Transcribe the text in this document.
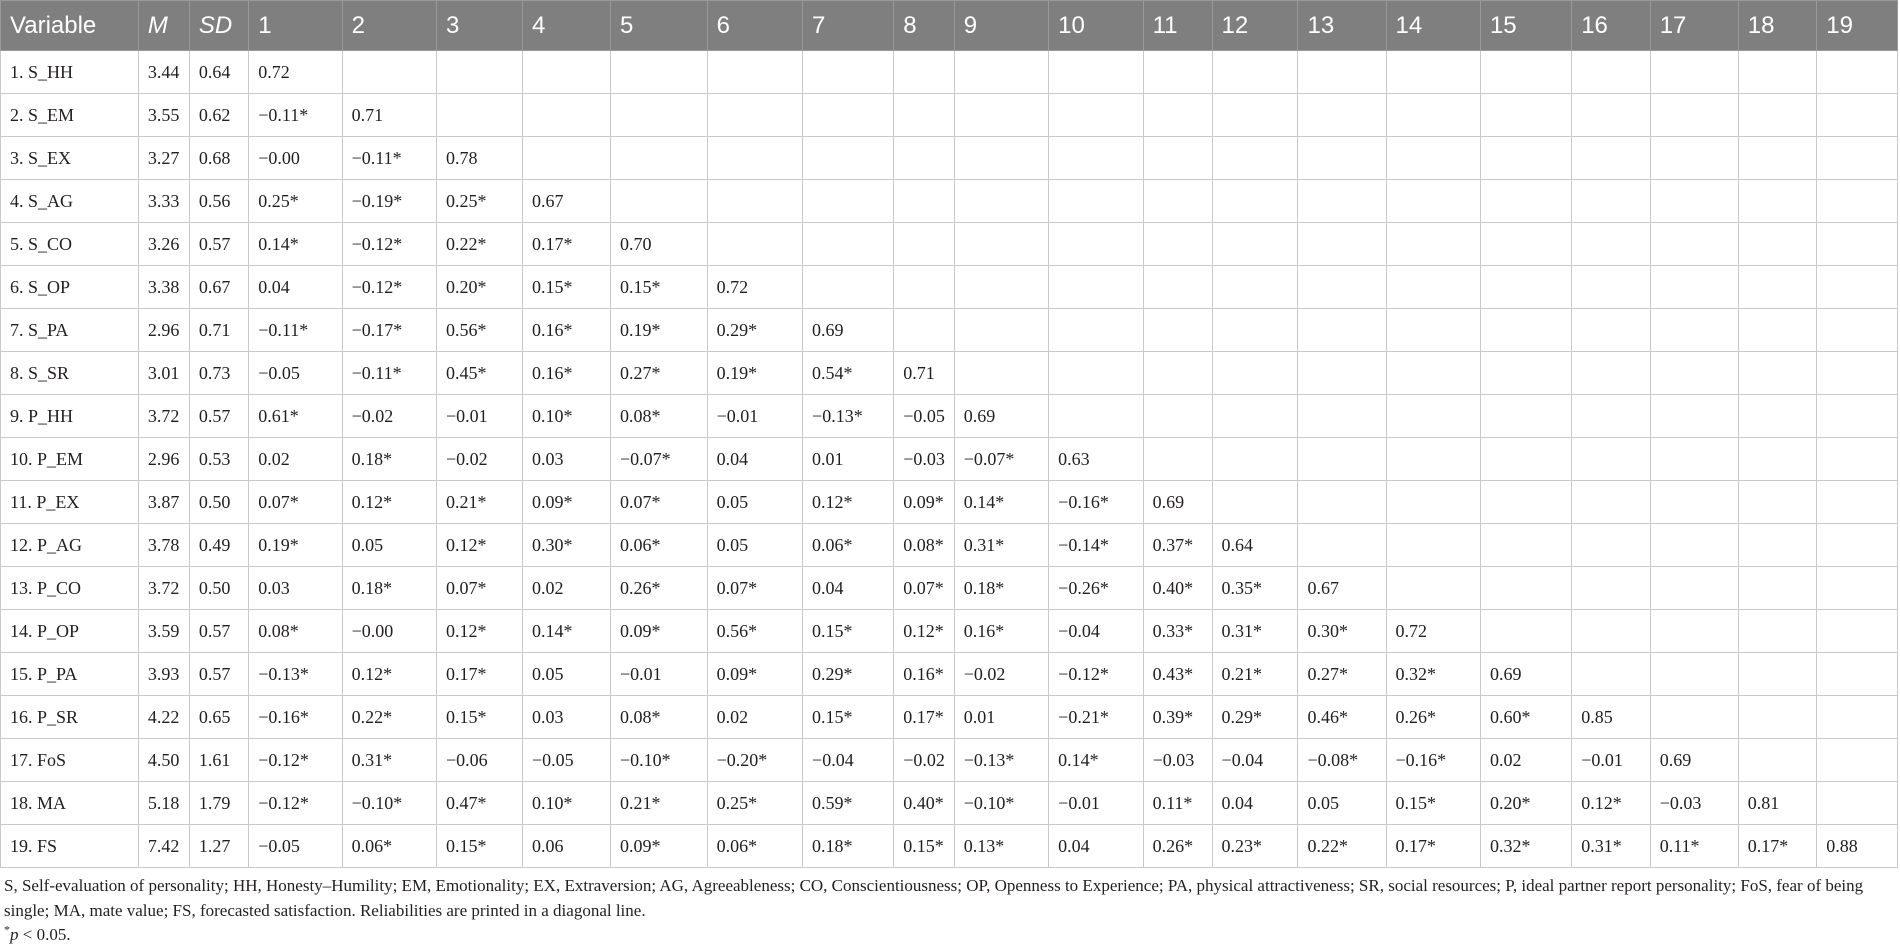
Variable	M	SD	1	2	3	4	5	6	7	8	9	10	11	12	13	14	15	16	17	18	19
1. S_HH	3.44	0.64	0.72																		
2. S_EM	3.55	0.62	−0.11*	0.71																	
3. S_EX	3.27	0.68	−0.00	−0.11*	0.78																
4. S_AG	3.33	0.56	0.25*	−0.19*	0.25*	0.67															
5. S_CO	3.26	0.57	0.14*	−0.12*	0.22*	0.17*	0.70														
6. S_OP	3.38	0.67	0.04	−0.12*	0.20*	0.15*	0.15*	0.72													
7. S_PA	2.96	0.71	−0.11*	−0.17*	0.56*	0.16*	0.19*	0.29*	0.69												
8. S_SR	3.01	0.73	−0.05	−0.11*	0.45*	0.16*	0.27*	0.19*	0.54*	0.71											
9. P_HH	3.72	0.57	0.61*	−0.02	−0.01	0.10*	0.08*	−0.01	−0.13*	−0.05	0.69										
10. P_EM	2.96	0.53	0.02	0.18*	−0.02	0.03	−0.07*	0.04	0.01	−0.03	−0.07*	0.63									
11. P_EX	3.87	0.50	0.07*	0.12*	0.21*	0.09*	0.07*	0.05	0.12*	0.09*	0.14*	−0.16*	0.69								
12. P_AG	3.78	0.49	0.19*	0.05	0.12*	0.30*	0.06*	0.05	0.06*	0.08*	0.31*	−0.14*	0.37*	0.64							
13. P_CO	3.72	0.50	0.03	0.18*	0.07*	0.02	0.26*	0.07*	0.04	0.07*	0.18*	−0.26*	0.40*	0.35*	0.67						
14. P_OP	3.59	0.57	0.08*	−0.00	0.12*	0.14*	0.09*	0.56*	0.15*	0.12*	0.16*	−0.04	0.33*	0.31*	0.30*	0.72					
15. P_PA	3.93	0.57	−0.13*	0.12*	0.17*	0.05	−0.01	0.09*	0.29*	0.16*	−0.02	−0.12*	0.43*	0.21*	0.27*	0.32*	0.69				
16. P_SR	4.22	0.65	−0.16*	0.22*	0.15*	0.03	0.08*	0.02	0.15*	0.17*	0.01	−0.21*	0.39*	0.29*	0.46*	0.26*	0.60*	0.85			
17. FoS	4.50	1.61	−0.12*	0.31*	−0.06	−0.05	−0.10*	−0.20*	−0.04	−0.02	−0.13*	0.14*	−0.03	−0.04	−0.08*	−0.16*	0.02	−0.01	0.69		
18. MA	5.18	1.79	−0.12*	−0.10*	0.47*	0.10*	0.21*	0.25*	0.59*	0.40*	−0.10*	−0.01	0.11*	0.04	0.05	0.15*	0.20*	0.12*	−0.03	0.81	
19. FS	7.42	1.27	−0.05	0.06*	0.15*	0.06	0.09*	0.06*	0.18*	0.15*	0.13*	0.04	0.26*	0.23*	0.22*	0.17*	0.32*	0.31*	0.11*	0.17*	0.88
S, Self-evaluation of personality; HH, Honesty–Humility; EM, Emotionality; EX, Extraversion; AG, Agreeableness; CO, Conscientiousness; OP, Openness to Experience; PA, physical attractiveness; SR, social resources; P, ideal partner report personality; FoS, fear of being single; MA, mate value; FS, forecasted satisfaction. Reliabilities are printed in a diagonal line.
*p < 0.05.
